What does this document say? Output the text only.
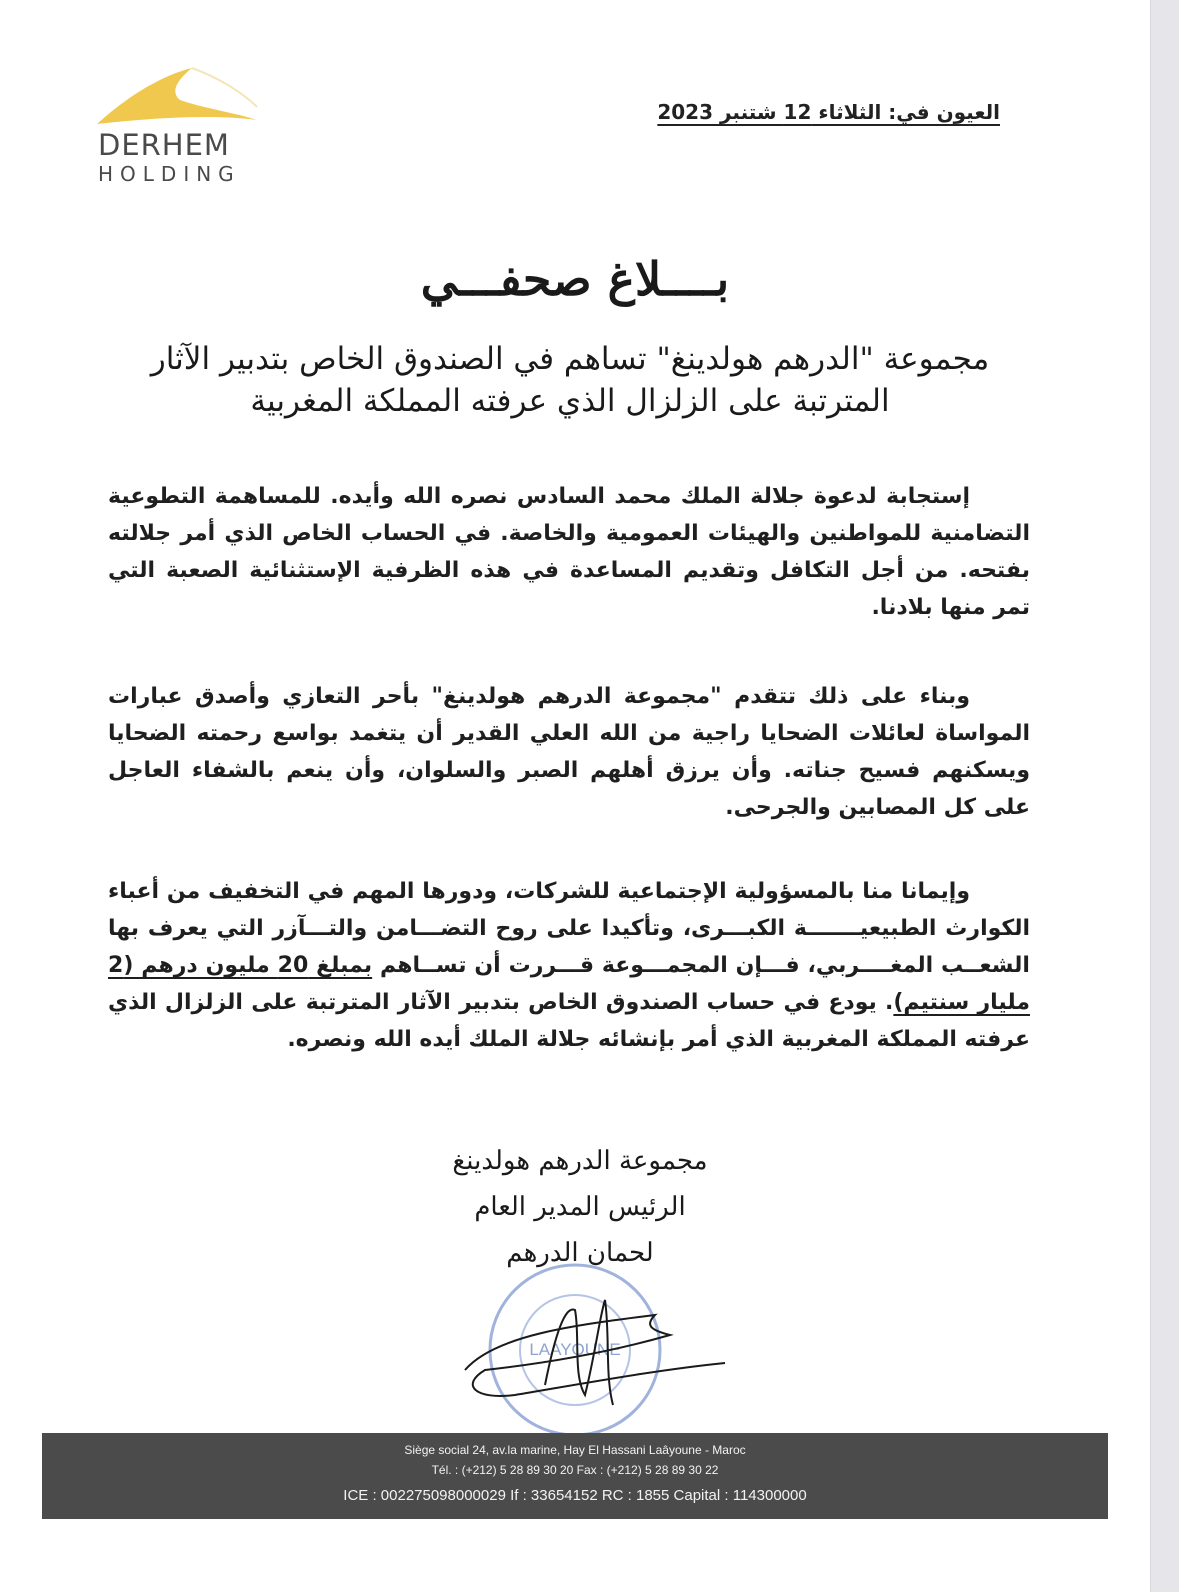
DERHEM
HOLDING
العيون في: الثلاثاء 12 شتنبر 2023
بــــلاغ صحفـــي
مجموعة "الدرهم هولدينغ" تساهم في الصندوق الخاص بتدبير الآثار
المترتبة على الزلزال الذي عرفته المملكة المغربية

إستجابة لدعوة جلالة الملك محمد السادس نصره الله وأيده. للمساهمة التطوعية التضامنية للمواطنين والهيئات العمومية والخاصة. في الحساب الخاص الذي أمر جلالته بفتحه. من أجل التكافل وتقديم المساعدة في هذه الظرفية الإستثنائية الصعبة التي تمر منها بلادنا.

وبناء على ذلك تتقدم "مجموعة الدرهم هولدينغ" بأحر التعازي وأصدق عبارات المواساة لعائلات الضحايا راجية من الله العلي القدير أن يتغمد بواسع رحمته الضحايا ويسكنهم فسيح جناته. وأن يرزق أهلهم الصبر والسلوان، وأن ينعم بالشفاء العاجل على كل المصابين والجرحى.

وإيمانا منا بالمسؤولية الإجتماعية للشركات، ودورها المهم في التخفيف من أعباء الكوارث الطبيعيـــــــة الكبـــرى، وتأكيدا على روح التضـــامن والتـــآزر التي يعرف بها الشعــب المغــــربي، فـــإن المجمـــوعة قـــررت أن تســاهم بمبلغ 20 مليون درهم (2 مليار سنتيم). يودع في حساب الصندوق الخاص بتدبير الآثار المترتبة على الزلزال الذي عرفته المملكة المغربية الذي أمر بإنشائه جلالة الملك أيده الله ونصره.

LAAYOUNE
مجموعة الدرهم هولدينغ
الرئيس المدير العام
لحمان الدرهم
Siège social 24, av.la marine, Hay El Hassani Laâyoune - Maroc
Tél. : (+212) 5 28 89 30 20 Fax : (+212) 5 28 89 30 22
ICE : 002275098000029 If : 33654152 RC : 1855 Capital : 114300000
